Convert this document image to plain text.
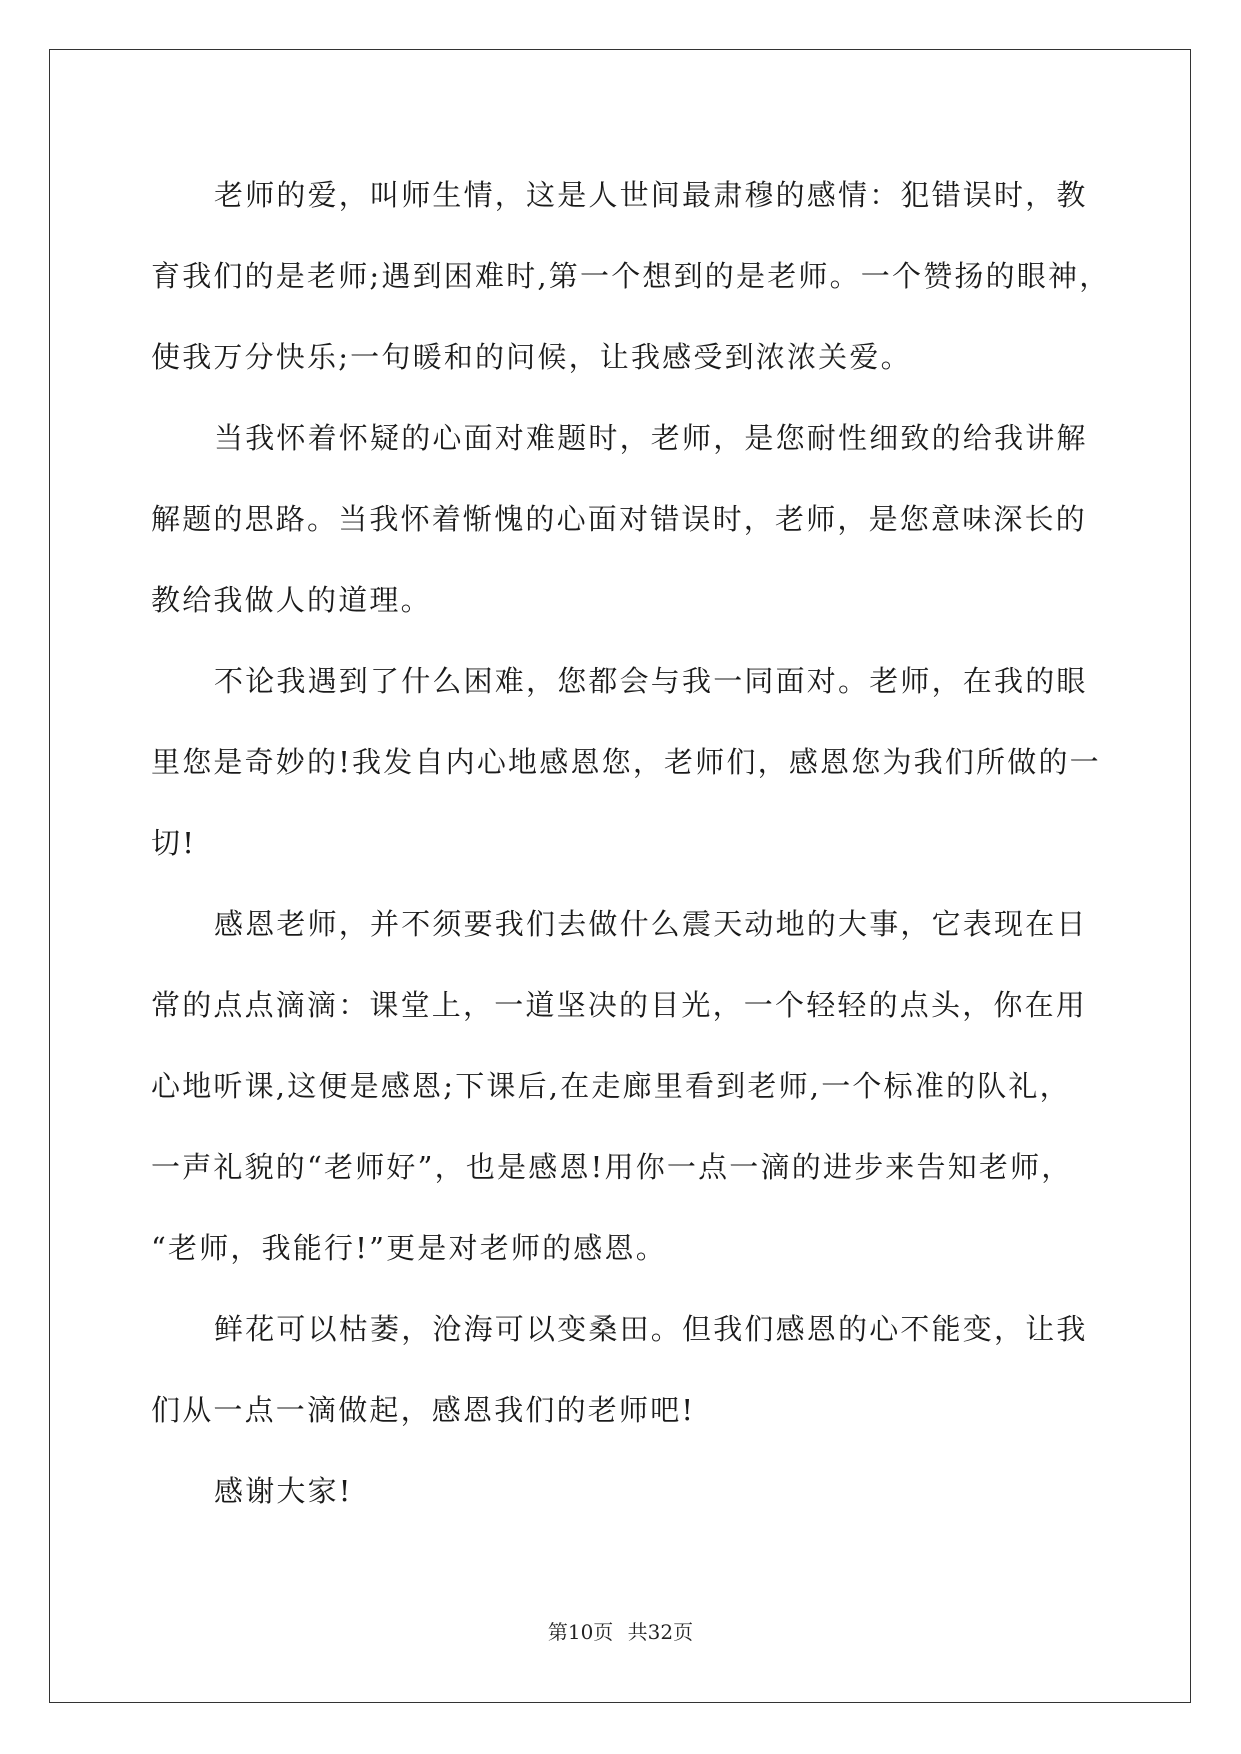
老师的爱，叫师生情，这是人世间最肃穆的感情：犯错误时，教
育我们的是老师;遇到困难时,第一个想到的是老师。一个赞扬的眼神，
使我万分快乐;一句暖和的问候，让我感受到浓浓关爱。
当我怀着怀疑的心面对难题时，老师，是您耐性细致的给我讲解
解题的思路。当我怀着惭愧的心面对错误时，老师，是您意味深长的
教给我做人的道理。
不论我遇到了什么困难，您都会与我一同面对。老师，在我的眼
里您是奇妙的!我发自内心地感恩您，老师们，感恩您为我们所做的一
切!
感恩老师，并不须要我们去做什么震天动地的大事，它表现在日
常的点点滴滴：课堂上，一道坚决的目光，一个轻轻的点头，你在用
心地听课,这便是感恩;下课后,在走廊里看到老师,一个标准的队礼，
一声礼貌的“老师好”，也是感恩!用你一点一滴的进步来告知老师，
“老师，我能行!”更是对老师的感恩。
鲜花可以枯萎，沧海可以变桑田。但我们感恩的心不能变，让我
们从一点一滴做起，感恩我们的老师吧!
感谢大家!
第10页 共32页
